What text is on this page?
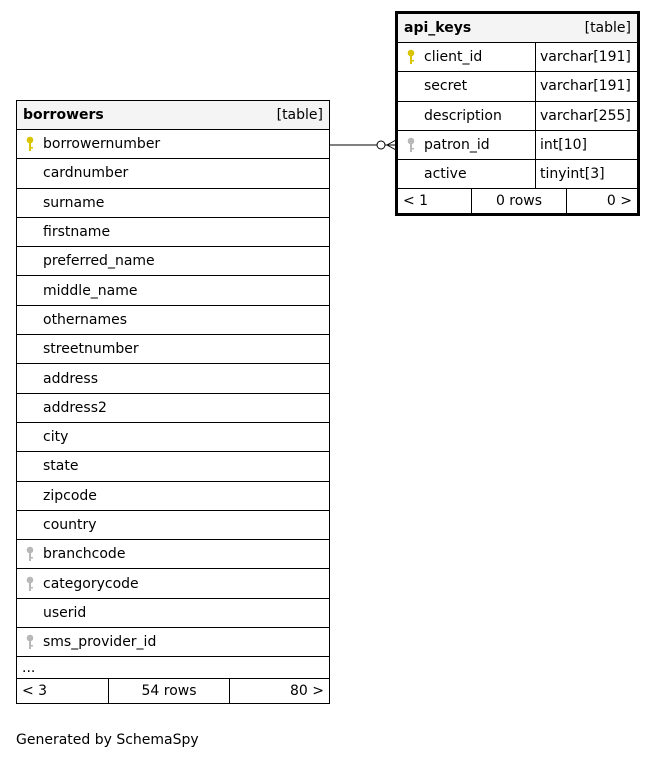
borrowers	[table]
borrowernumber
cardnumber
surname
firstname
preferred_name
middle_name
othernames
streetnumber
address
address2
city
state
zipcode
country
branchcode
categorycode
userid
sms_provider_id
...
< 3	54 rows	80 >
api_keys	[table]
client_id	varchar[191]
secret	varchar[191]
description	varchar[255]
patron_id	int[10]
active	tinyint[3]
< 1	0 rows	0 >
Generated by SchemaSpy
